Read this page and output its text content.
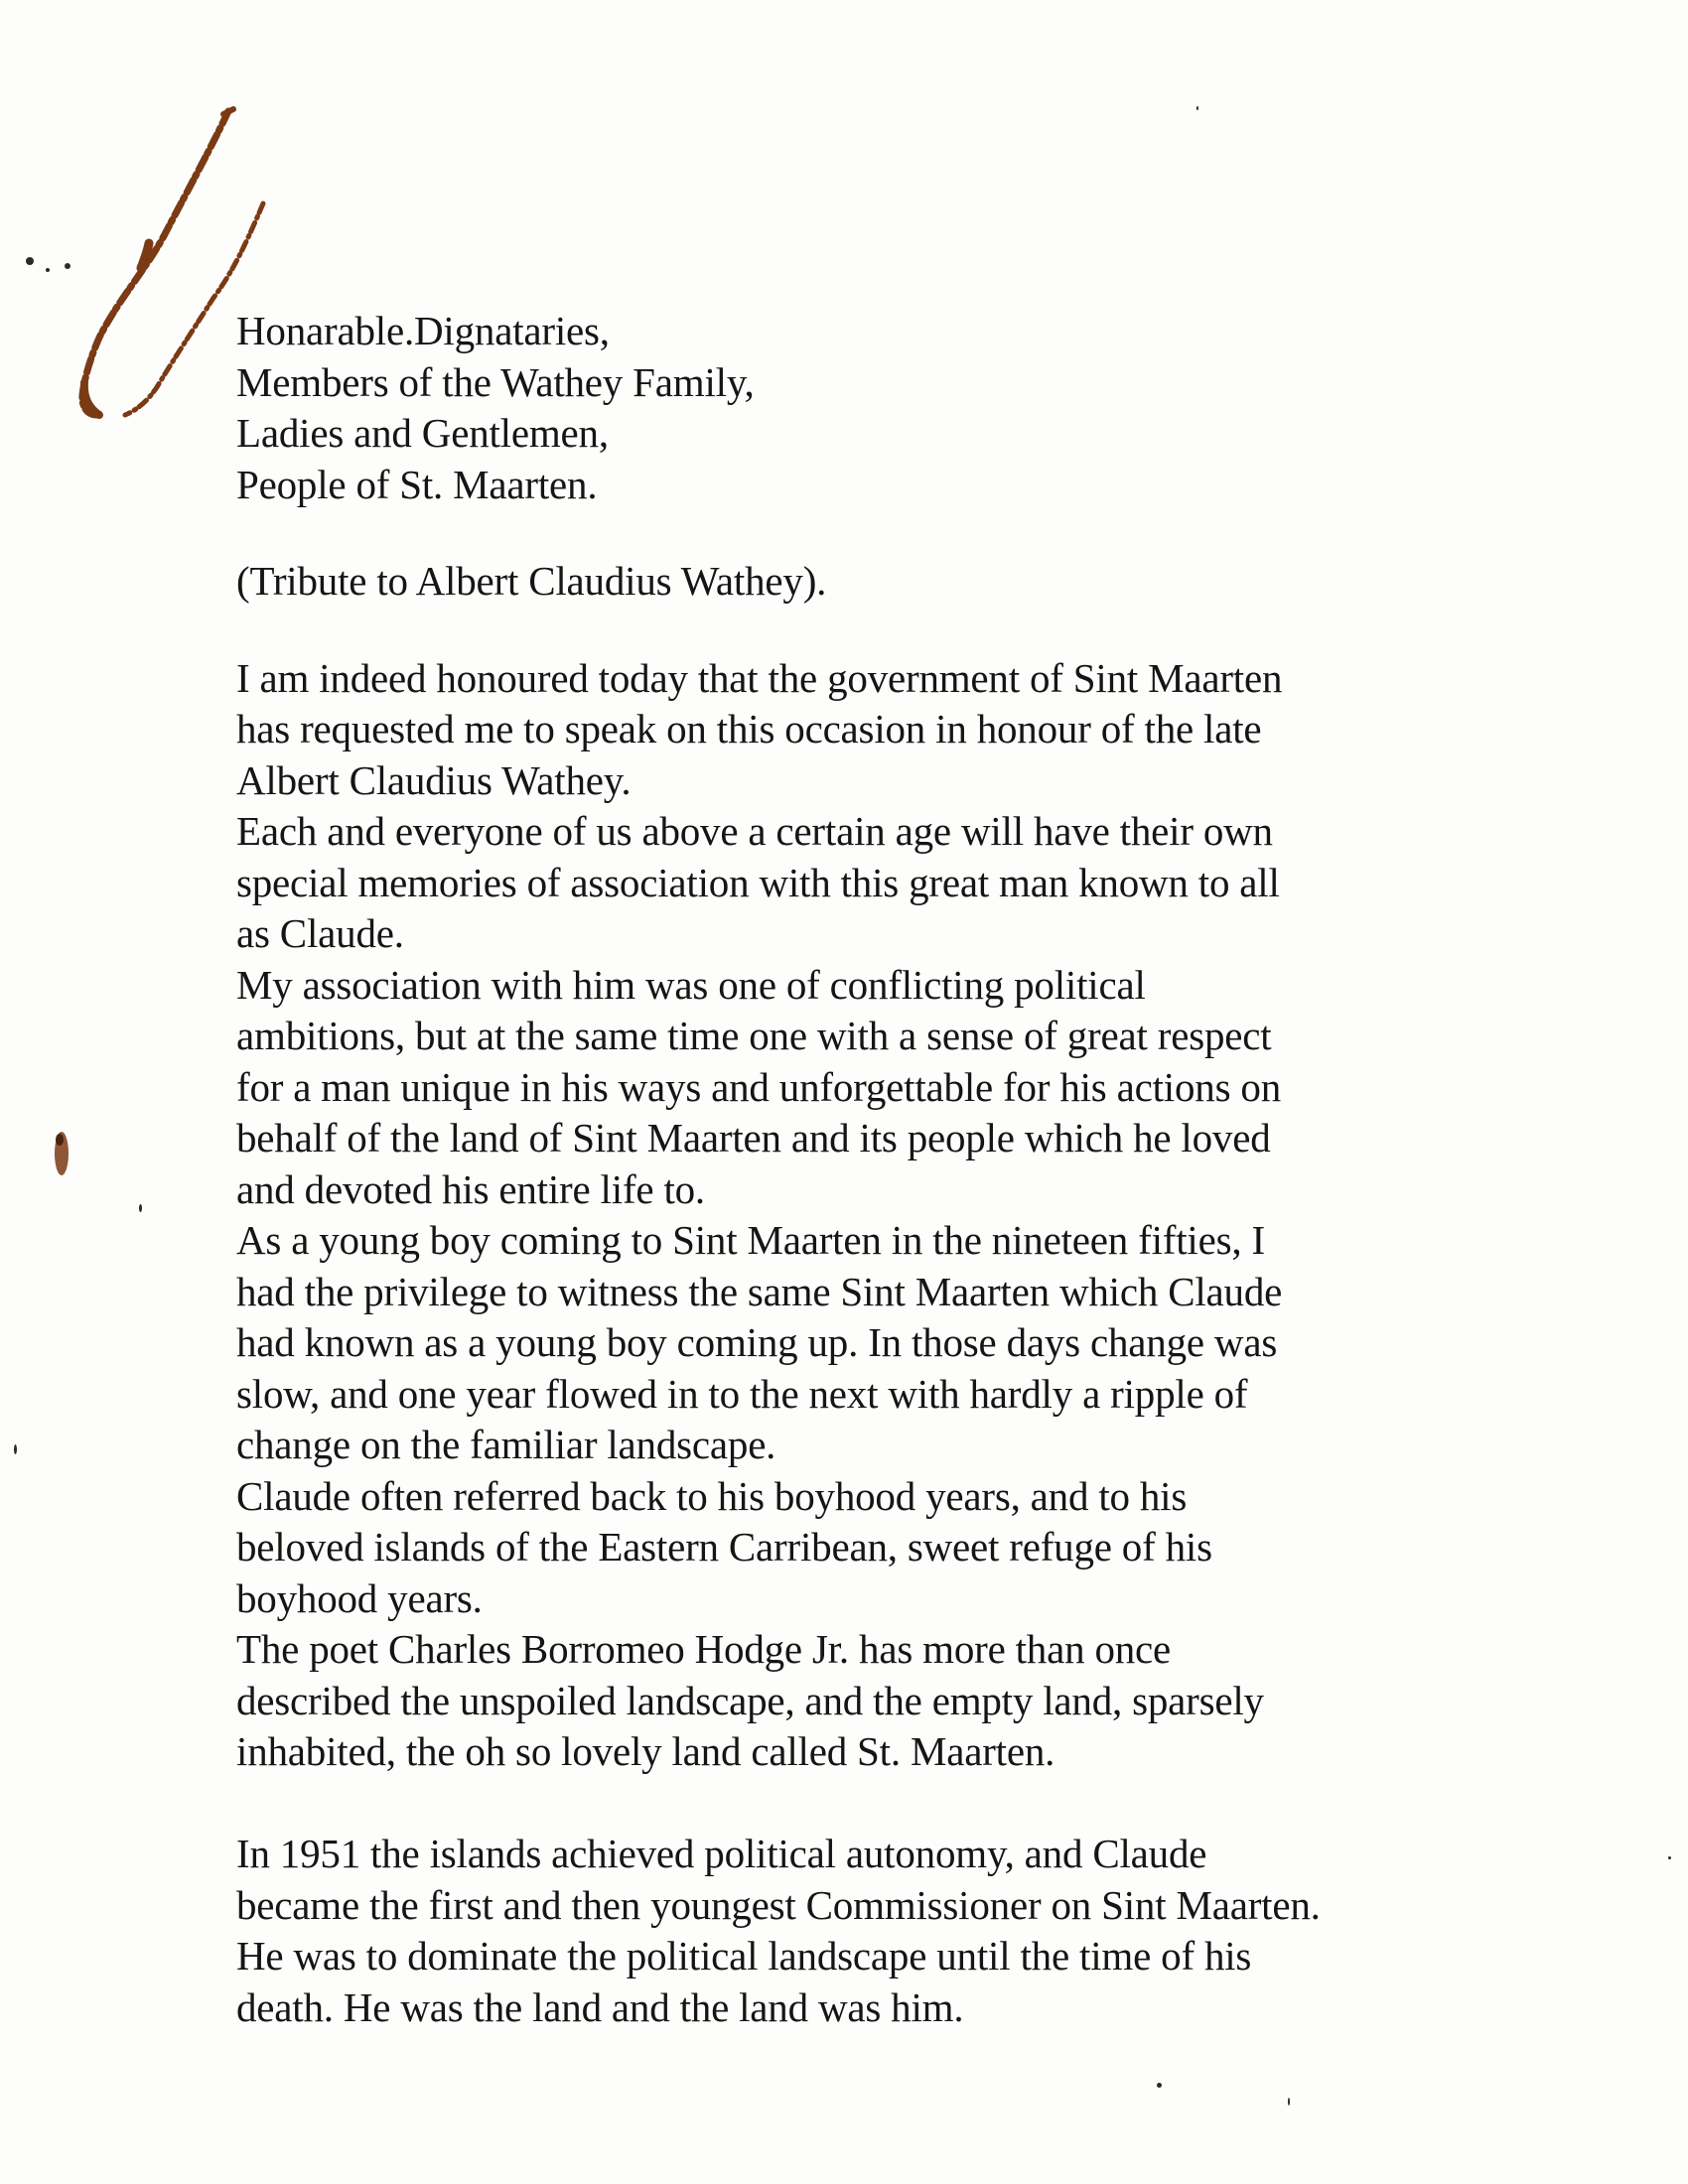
Honarable.Dignataries,
Members of the Wathey Family,
Ladies and Gentlemen,
People of St. Maarten.
(Tribute to Albert Claudius Wathey).
I am indeed honoured today that the government of Sint Maarten
has requested me to speak on this occasion in honour of the late
Albert Claudius Wathey.
Each and everyone of us above a certain age will have their own
special memories of association with this great man known to all
as Claude.
My association with him was one of conflicting political
ambitions, but at the same time one with a sense of great respect
for a man unique in his ways and unforgettable for his actions on
behalf of the land of Sint Maarten and its people which he loved
and devoted his entire life to.
As a young boy coming to Sint Maarten in the nineteen fifties, I
had the privilege to witness the same Sint Maarten which Claude
had known as a young boy coming up. In those days change was
slow, and one year flowed in to the next with hardly a ripple of
change on the familiar landscape.
Claude often referred back to his boyhood years, and to his
beloved islands of the Eastern Carribean, sweet refuge of his
boyhood years.
The poet Charles Borromeo Hodge Jr. has more than once
described the unspoiled landscape, and the empty land, sparsely
inhabited, the oh so lovely land called St. Maarten.
In 1951 the islands achieved political autonomy, and Claude
became the first and then youngest Commissioner on Sint Maarten.
He was to dominate the political landscape until the time of his
death. He was the land and the land was him.
